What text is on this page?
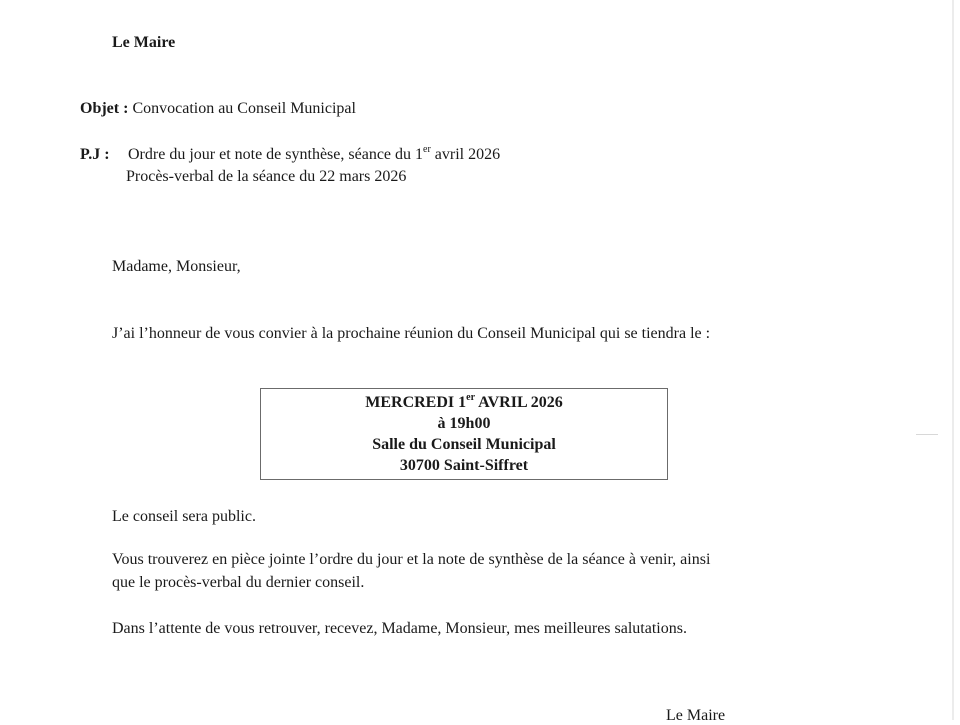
Le Maire
Objet : Convocation au Conseil Municipal
P.J : Ordre du jour et note de synthèse, séance du 1er avril 2026
Procès-verbal de la séance du 22 mars 2026
Madame, Monsieur,
J’ai l’honneur de vous convier à la prochaine réunion du Conseil Municipal qui se tiendra le :
MERCREDI 1er AVRIL 2026
à 19h00
Salle du Conseil Municipal
30700 Saint-Siffret
Le conseil sera public.
Vous trouverez en pièce jointe l’ordre du jour et la note de synthèse de la séance à venir, ainsi
que le procès-verbal du dernier conseil.
Dans l’attente de vous retrouver, recevez, Madame, Monsieur, mes meilleures salutations.
Le Maire
